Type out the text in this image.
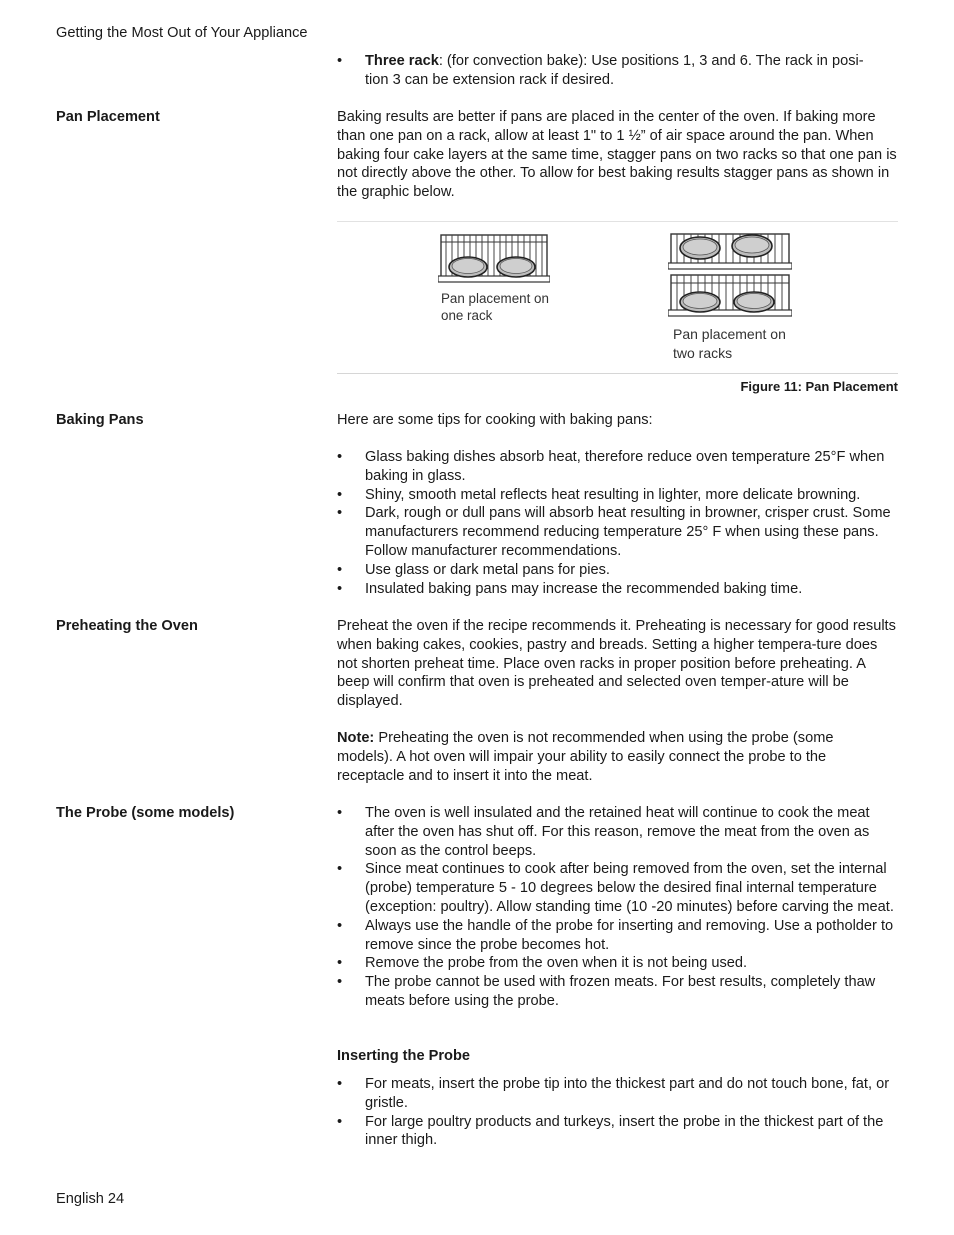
Getting the Most Out of Your Appliance
• Three rack: (for convection bake): Use positions 1, 3 and 6. The rack in posi-
tion 3 can be extension rack if desired.
Pan Placement	Baking results are better if pans are placed in the center of the oven. If baking more than one pan on a rack, allow at least 1" to 1 ½” of air space around the pan. When baking four cake layers at the same time, stagger pans on two racks so that one pan is not directly above the other. To allow for best baking results stagger pans as shown in the graphic below.

Pan placement on
one rack
Pan placement on
two racks
Figure 11: Pan Placement
Baking Pans	Here are some tips for cooking with baking pans:

• Glass baking dishes absorb heat, therefore reduce oven temperature 25°F when baking in glass.
• Shiny, smooth metal reflects heat resulting in lighter, more delicate browning.
• Dark, rough or dull pans will absorb heat resulting in browner, crisper crust. Some manufacturers recommend reducing temperature 25° F when using these pans. Follow manufacturer recommendations.
• Use glass or dark metal pans for pies.
• Insulated baking pans may increase the recommended baking time.
Preheating the Oven	Preheat the oven if the recipe recommends it. Preheating is necessary for good results when baking cakes, cookies, pastry and breads. Setting a higher tempera-ture does not shorten preheat time. Place oven racks in proper position before preheating. A beep will confirm that oven is preheated and selected oven temper-ature will be displayed.

Note: Preheating the oven is not recommended when using the probe (some models). A hot oven will impair your ability to easily connect the probe to the receptacle and to insert it into the meat.

The Probe (some models)
•	The oven is well insulated and the retained heat will continue to cook the meat after the oven has shut off. For this reason, remove the meat from the oven as soon as the control beeps.
• Since meat continues to cook after being removed from the oven, set the internal (probe) temperature 5 - 10 degrees below the desired final internal temperature (exception: poultry). Allow standing time (10 -20 minutes) before carving the meat.
• Always use the handle of the probe for inserting and removing. Use a potholder to remove since the probe becomes hot.
• Remove the probe from the oven when it is not being used.
• The probe cannot be used with frozen meats. For best results, completely thaw meats before using the probe.
Inserting the Probe
• For meats, insert the probe tip into the thickest part and do not touch bone, fat, or gristle.
• For large poultry products and turkeys, insert the probe in the thickest part of the inner thigh.
English 24
